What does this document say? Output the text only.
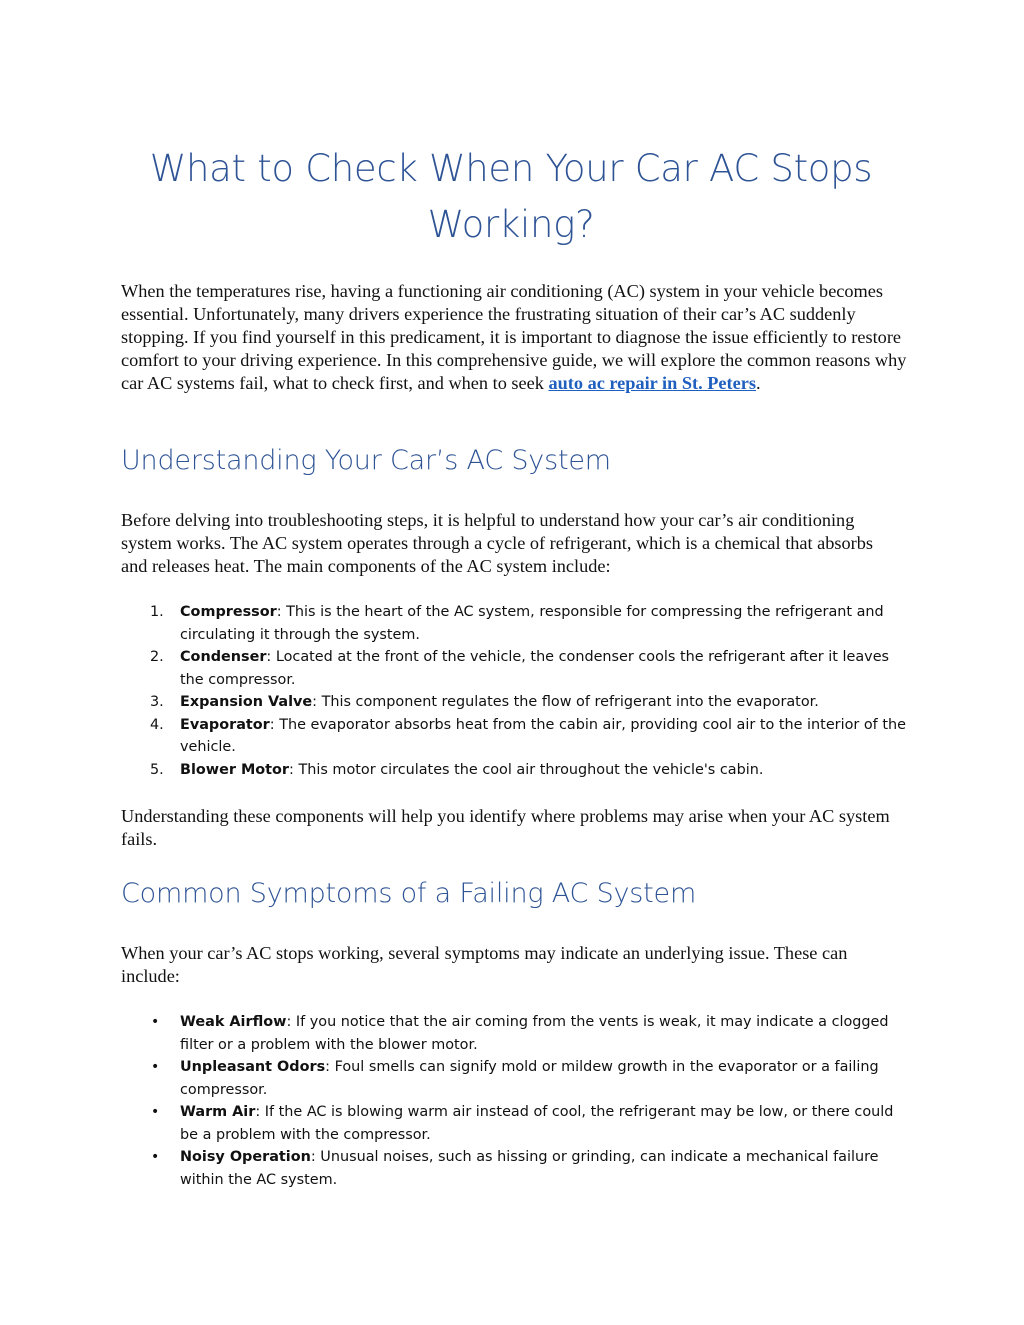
What to Check When Your Car AC Stops Working?

When the temperatures rise, having a functioning air conditioning (AC) system in your vehicle becomes essential. Unfortunately, many drivers experience the frustrating situation of their car’s AC suddenly stopping. If you find yourself in this predicament, it is important to diagnose the issue efficiently to restore comfort to your driving experience. In this comprehensive guide, we will explore the common reasons why car AC systems fail, what to check first, and when to seek auto ac repair in St. Peters.

Understanding Your Car’s AC System

Before delving into troubleshooting steps, it is helpful to understand how your car’s air conditioning system works. The AC system operates through a cycle of refrigerant, which is a chemical that absorbs and releases heat. The main components of the AC system include:

1. Compressor: This is the heart of the AC system, responsible for compressing the refrigerant and circulating it through the system.
2. Condenser: Located at the front of the vehicle, the condenser cools the refrigerant after it leaves the compressor.
3. Expansion Valve: This component regulates the flow of refrigerant into the evaporator.
4. Evaporator: The evaporator absorbs heat from the cabin air, providing cool air to the interior of the vehicle.
5. Blower Motor: This motor circulates the cool air throughout the vehicle's cabin.

Understanding these components will help you identify where problems may arise when your AC system fails.

Common Symptoms of a Failing AC System

When your car’s AC stops working, several symptoms may indicate an underlying issue. These can include:

• Weak Airflow: If you notice that the air coming from the vents is weak, it may indicate a clogged filter or a problem with the blower motor.
• Unpleasant Odors: Foul smells can signify mold or mildew growth in the evaporator or a failing compressor.
• Warm Air: If the AC is blowing warm air instead of cool, the refrigerant may be low, or there could be a problem with the compressor.
• Noisy Operation: Unusual noises, such as hissing or grinding, can indicate a mechanical failure within the AC system.
